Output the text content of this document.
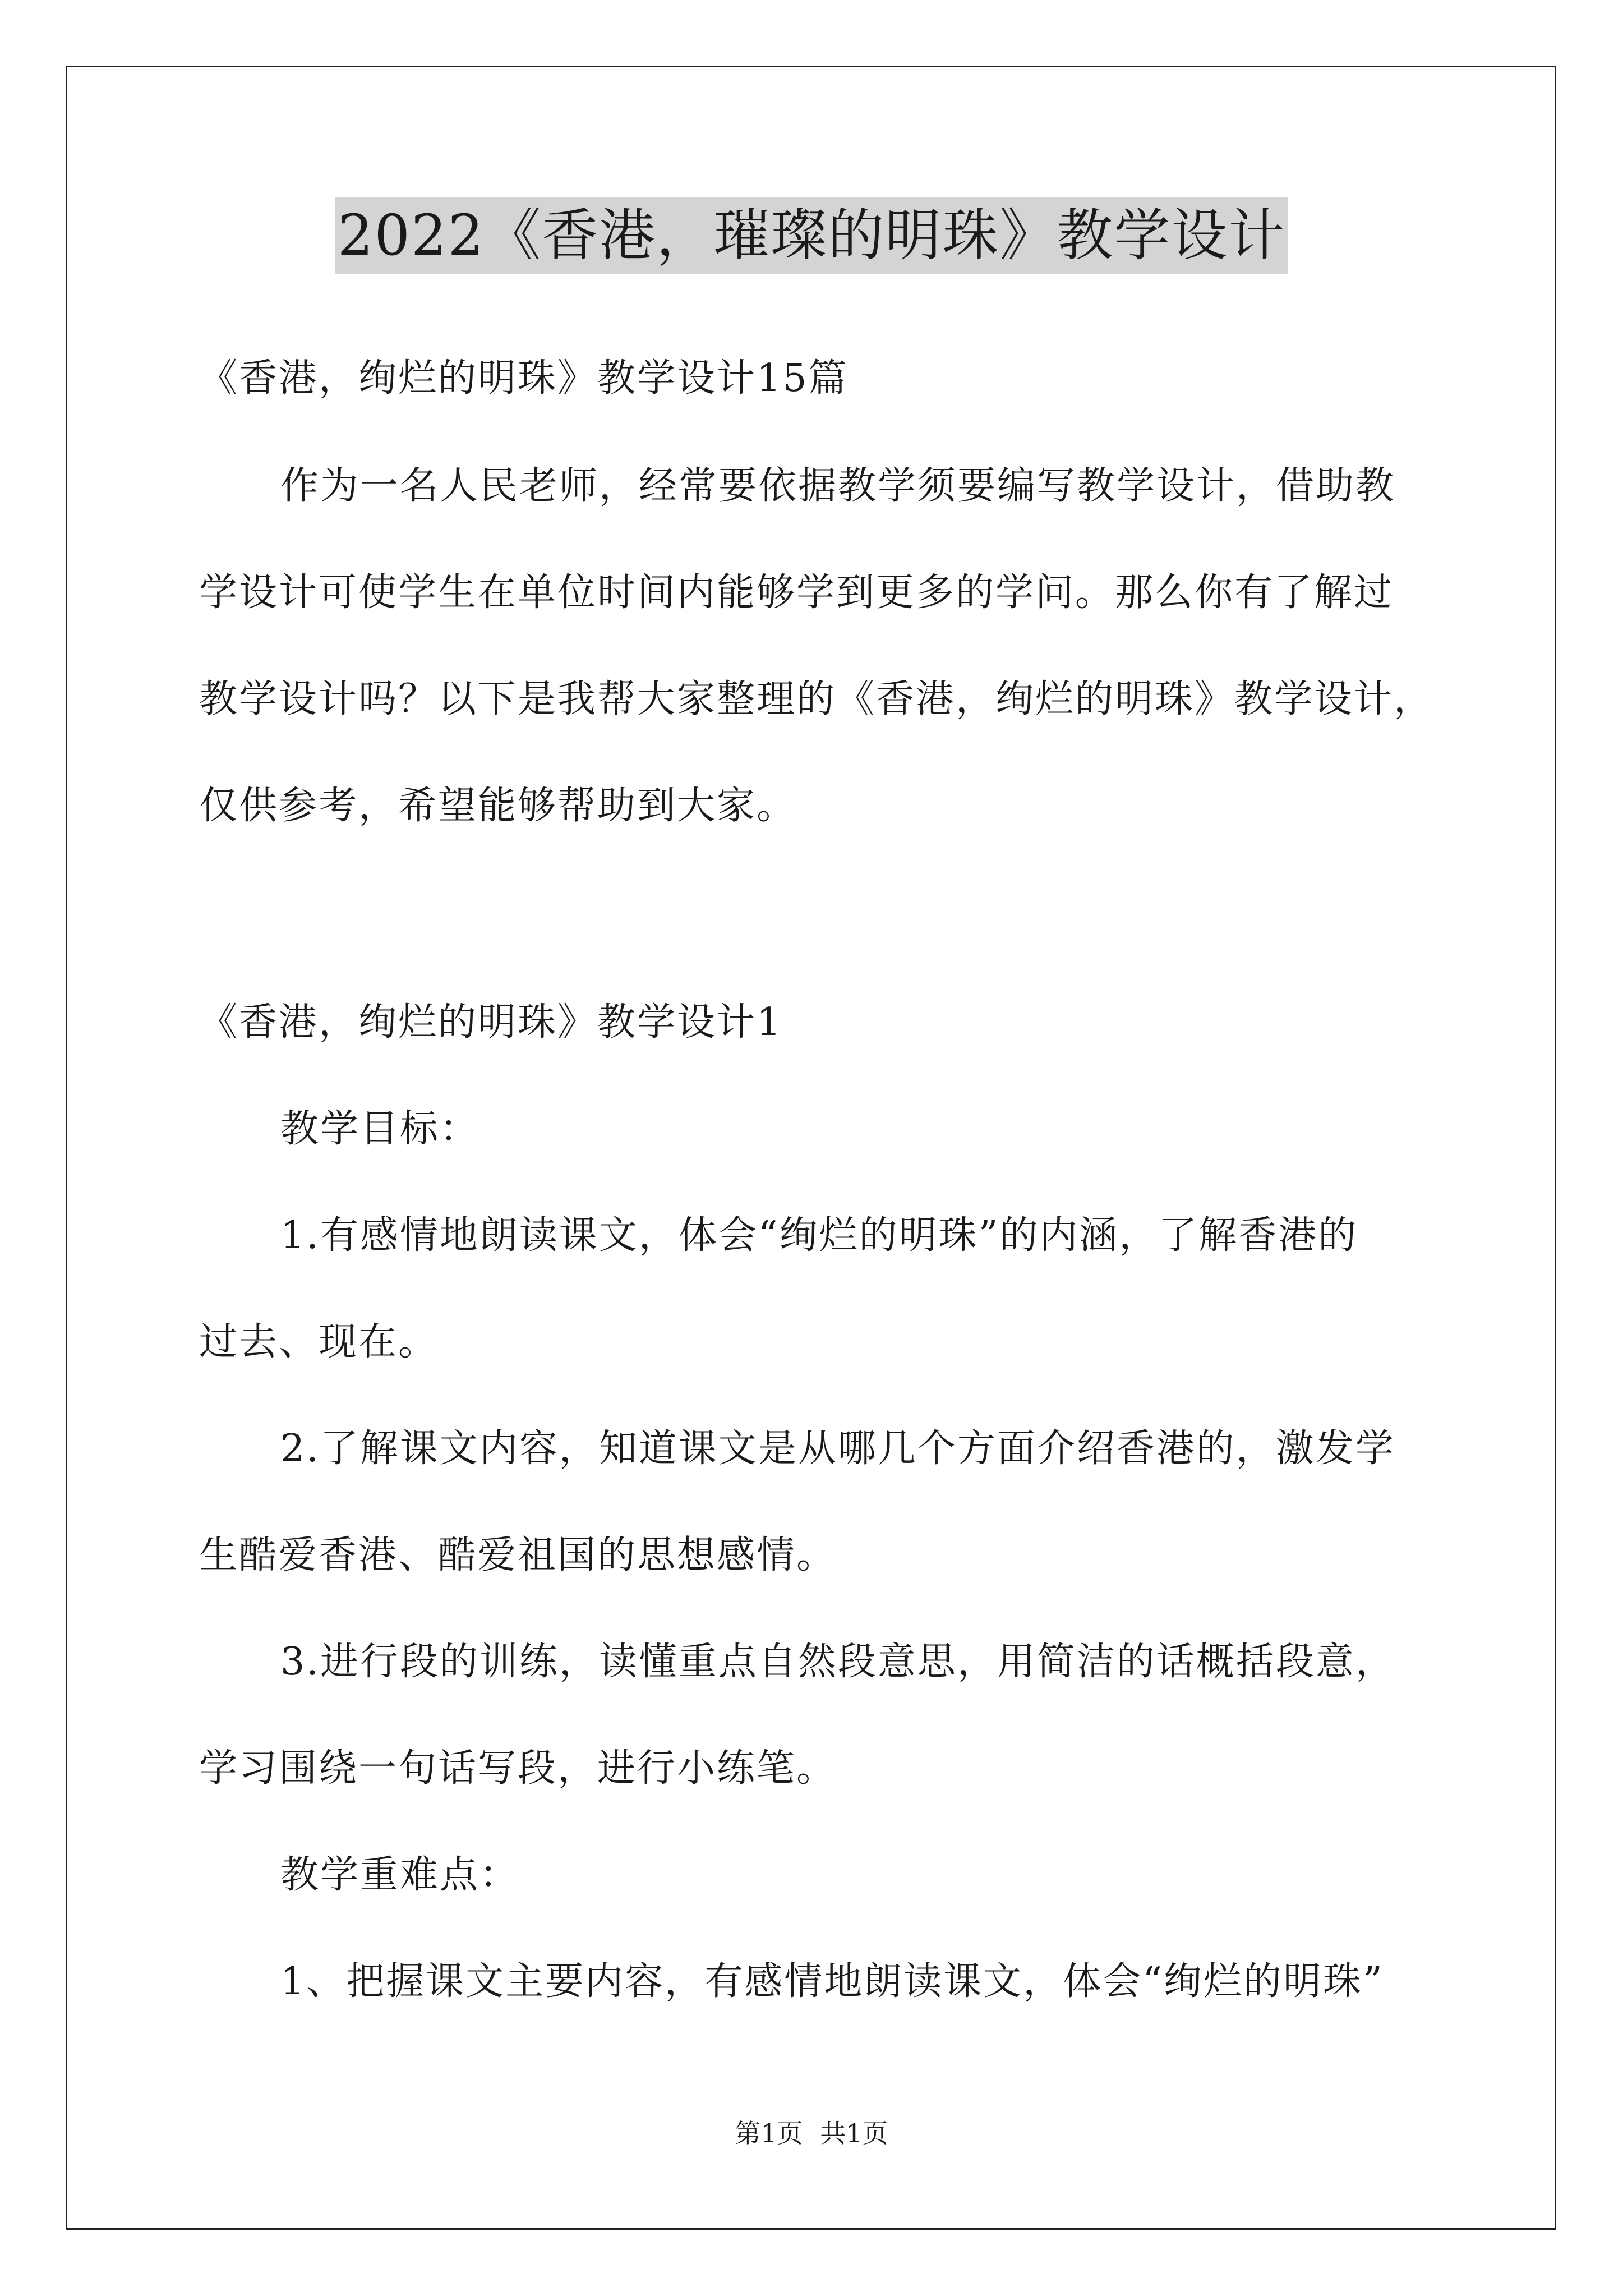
2022《香港，璀璨的明珠》教学设计
《香港，绚烂的明珠》教学设计15篇
作为一名人民老师，经常要依据教学须要编写教学设计，借助教
学设计可使学生在单位时间内能够学到更多的学问。那么你有了解过
教学设计吗？以下是我帮大家整理的《香港，绚烂的明珠》教学设计，
仅供参考，希望能够帮助到大家。
《香港，绚烂的明珠》教学设计1
教学目标：
1.有感情地朗读课文，体会“绚烂的明珠”的内涵，了解香港的
过去、现在。
2.了解课文内容，知道课文是从哪几个方面介绍香港的，激发学
生酷爱香港、酷爱祖国的思想感情。
3.进行段的训练，读懂重点自然段意思，用简洁的话概括段意，
学习围绕一句话写段，进行小练笔。
教学重难点：
1、把握课文主要内容，有感情地朗读课文，体会“绚烂的明珠”
第1页 共1页
